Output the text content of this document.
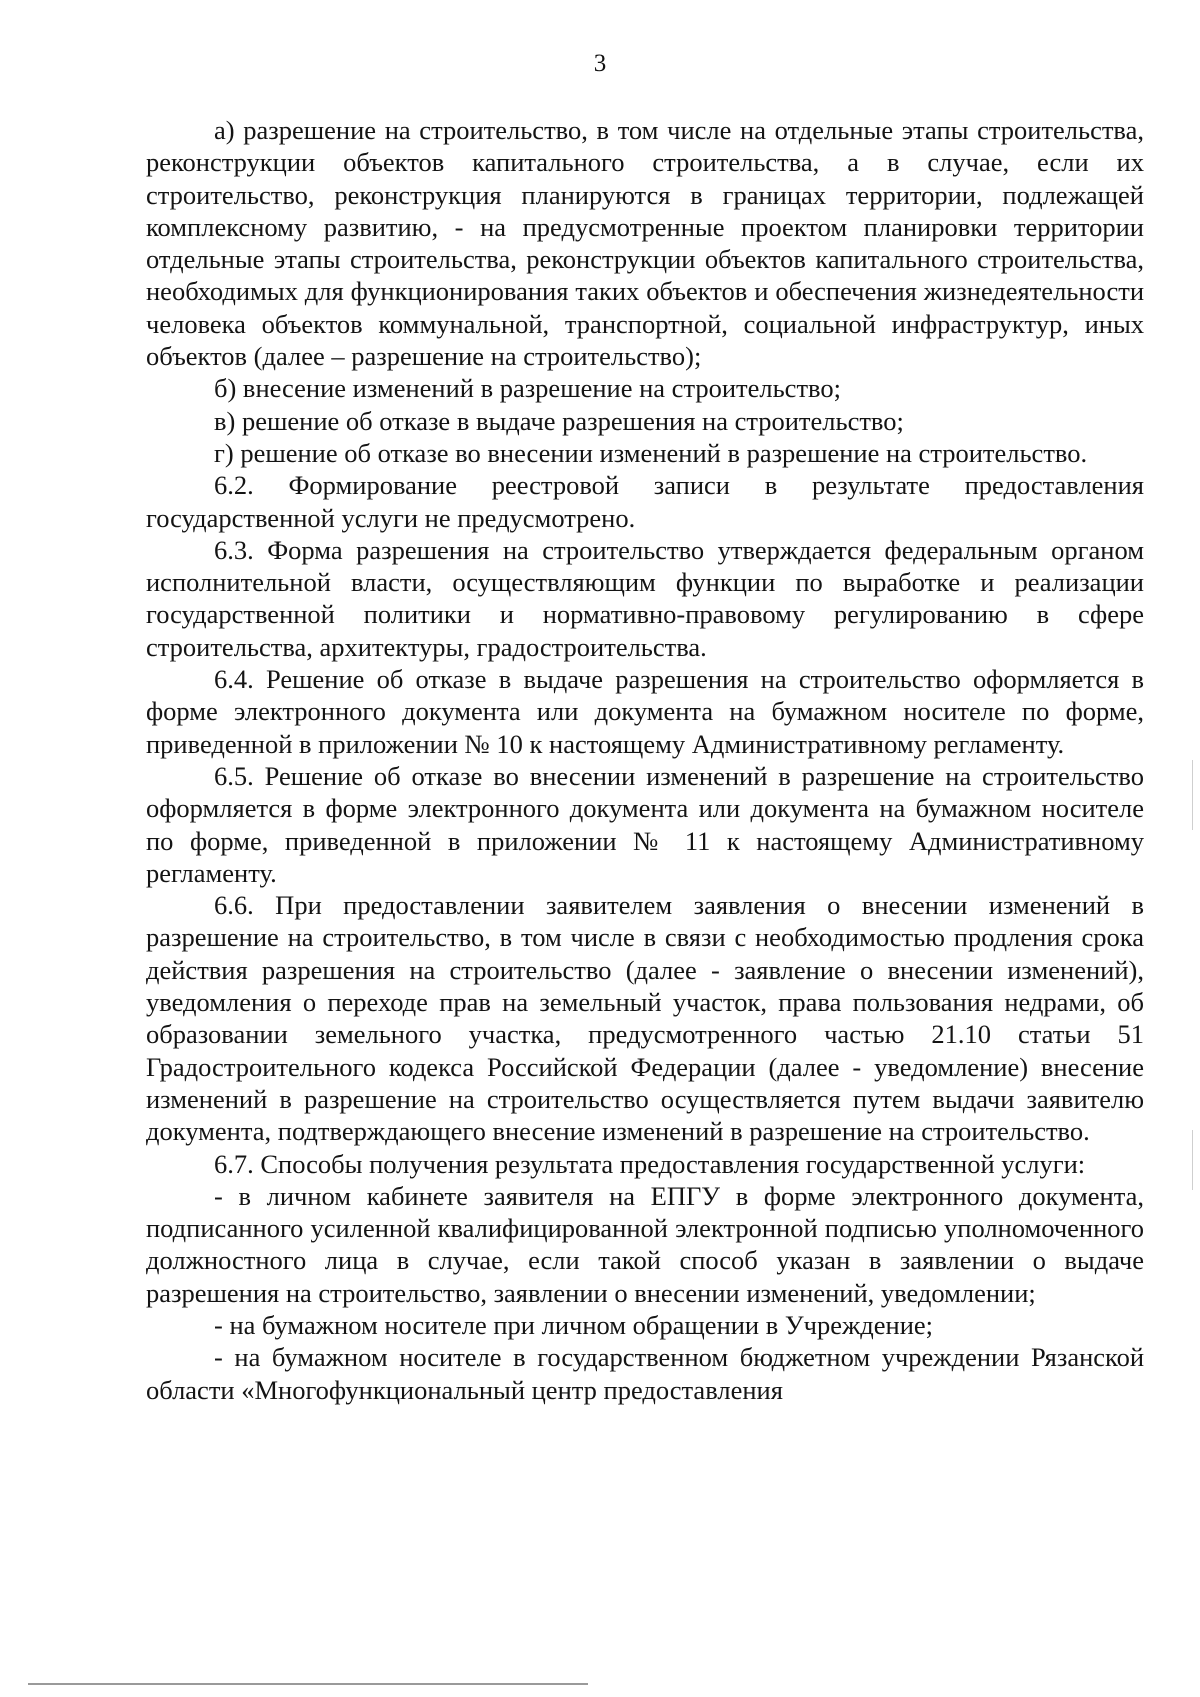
3

а) разрешение на строительство, в том числе на отдельные этапы строительства, реконструкции объектов капитального строительства, а в случае, если их строительство, реконструкция планируются в границах территории, подлежащей комплексному развитию, - на предусмотренные проектом планировки территории отдельные этапы строительства, реконструкции объектов капитального строительства, необходимых для функционирования таких объектов и обеспечения жизнедеятельности человека объектов коммунальной, транспортной, социальной инфраструктур, иных объектов (далее – разрешение на строительство);

б) внесение изменений в разрешение на строительство;

в) решение об отказе в выдаче разрешения на строительство;

г) решение об отказе во внесении изменений в разрешение на строительство.

6.2. Формирование реестровой записи в результате предоставления государственной услуги не предусмотрено.

6.3. Форма разрешения на строительство утверждается федеральным органом исполнительной власти, осуществляющим функции по выработке и реализации государственной политики и нормативно-правовому регулированию в сфере строительства, архитектуры, градостроительства.

6.4. Решение об отказе в выдаче разрешения на строительство оформляется в форме электронного документа или документа на бумажном носителе по форме, приведенной в приложении № 10 к настоящему Административному регламенту.

6.5. Решение об отказе во внесении изменений в разрешение на строительство оформляется в форме электронного документа или документа на бумажном носителе по форме, приведенной в приложении № 11 к настоящему Административному регламенту.

6.6. При предоставлении заявителем заявления о внесении изменений в разрешение на строительство, в том числе в связи с необходимостью продления срока действия разрешения на строительство (далее - заявление о внесении изменений), уведомления о переходе прав на земельный участок, права пользования недрами, об образовании земельного участка, предусмотренного частью 21.10 статьи 51 Градостроительного кодекса Российской Федерации (далее - уведомление) внесение изменений в разрешение на строительство осуществляется путем выдачи заявителю документа, подтверждающего внесение изменений в разрешение на строительство.

6.7. Способы получения результата предоставления государственной услуги:

- в личном кабинете заявителя на ЕПГУ в форме электронного документа, подписанного усиленной квалифицированной электронной подписью уполномоченного должностного лица в случае, если такой способ указан в заявлении о выдаче разрешения на строительство, заявлении о внесении изменений, уведомлении;

- на бумажном носителе при личном обращении в Учреждение;

- на бумажном носителе в государственном бюджетном учреждении Рязанской области «Многофункциональный центр предоставления
